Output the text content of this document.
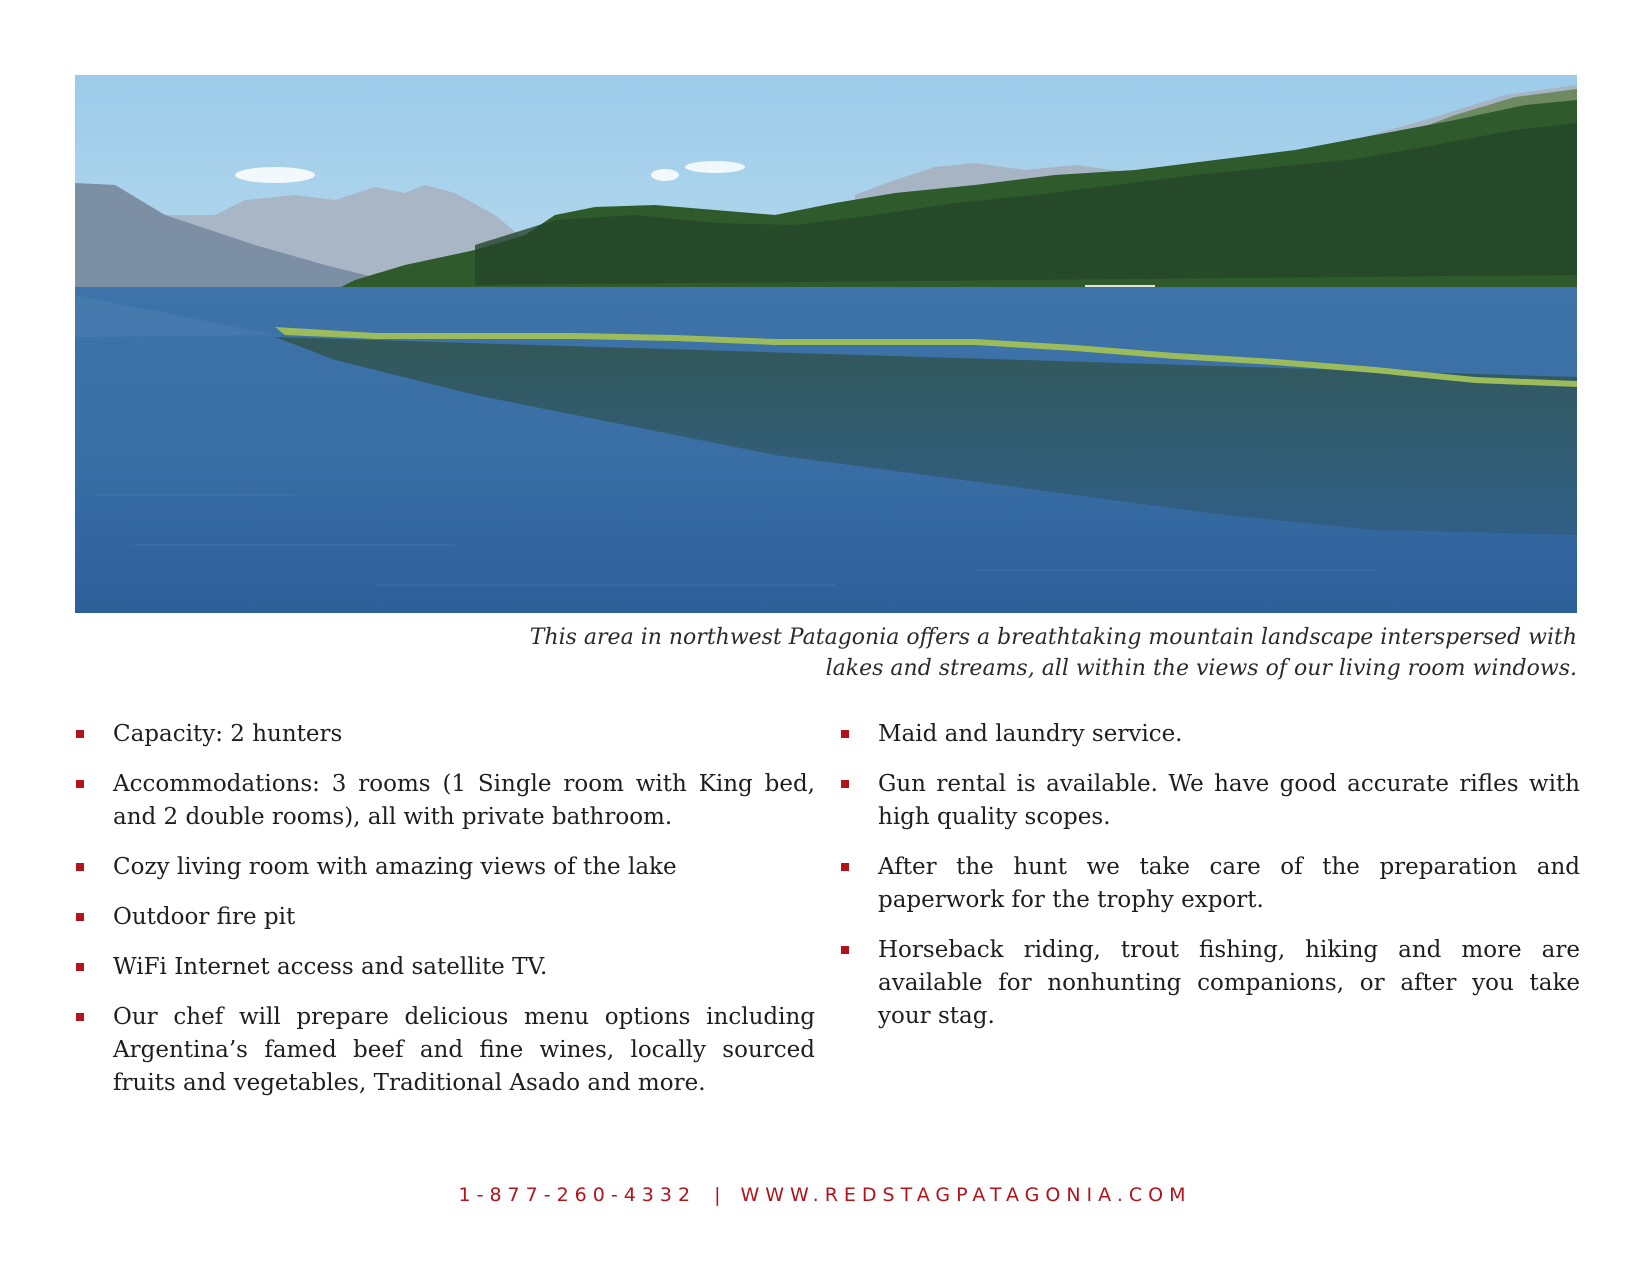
This area in northwest Patagonia offers a breathtaking mountain landscape interspersed with
lakes and streams, all within the views of our living room windows.
Capacity: 2 hunters
Accommodations: 3 rooms (1 Single room with King bed, and 2 double rooms), all with private bathroom.
Cozy living room with amazing views of the lake
Outdoor fire pit
WiFi Internet access and satellite TV.
Our chef will prepare delicious menu options including Argentina’s famed beef and fine wines, locally sourced fruits and vegetables, Traditional Asado and more.
Maid and laundry service.
Gun rental is available. We have good accurate rifles with high quality scopes.
After the hunt we take care of the preparation and paperwork for the trophy export.
Horseback riding, trout fishing, hiking and more are available for nonhunting companions, or after you take your stag.
1-877-260-4332 | WWW.REDSTAGPATAGONIA.COM
